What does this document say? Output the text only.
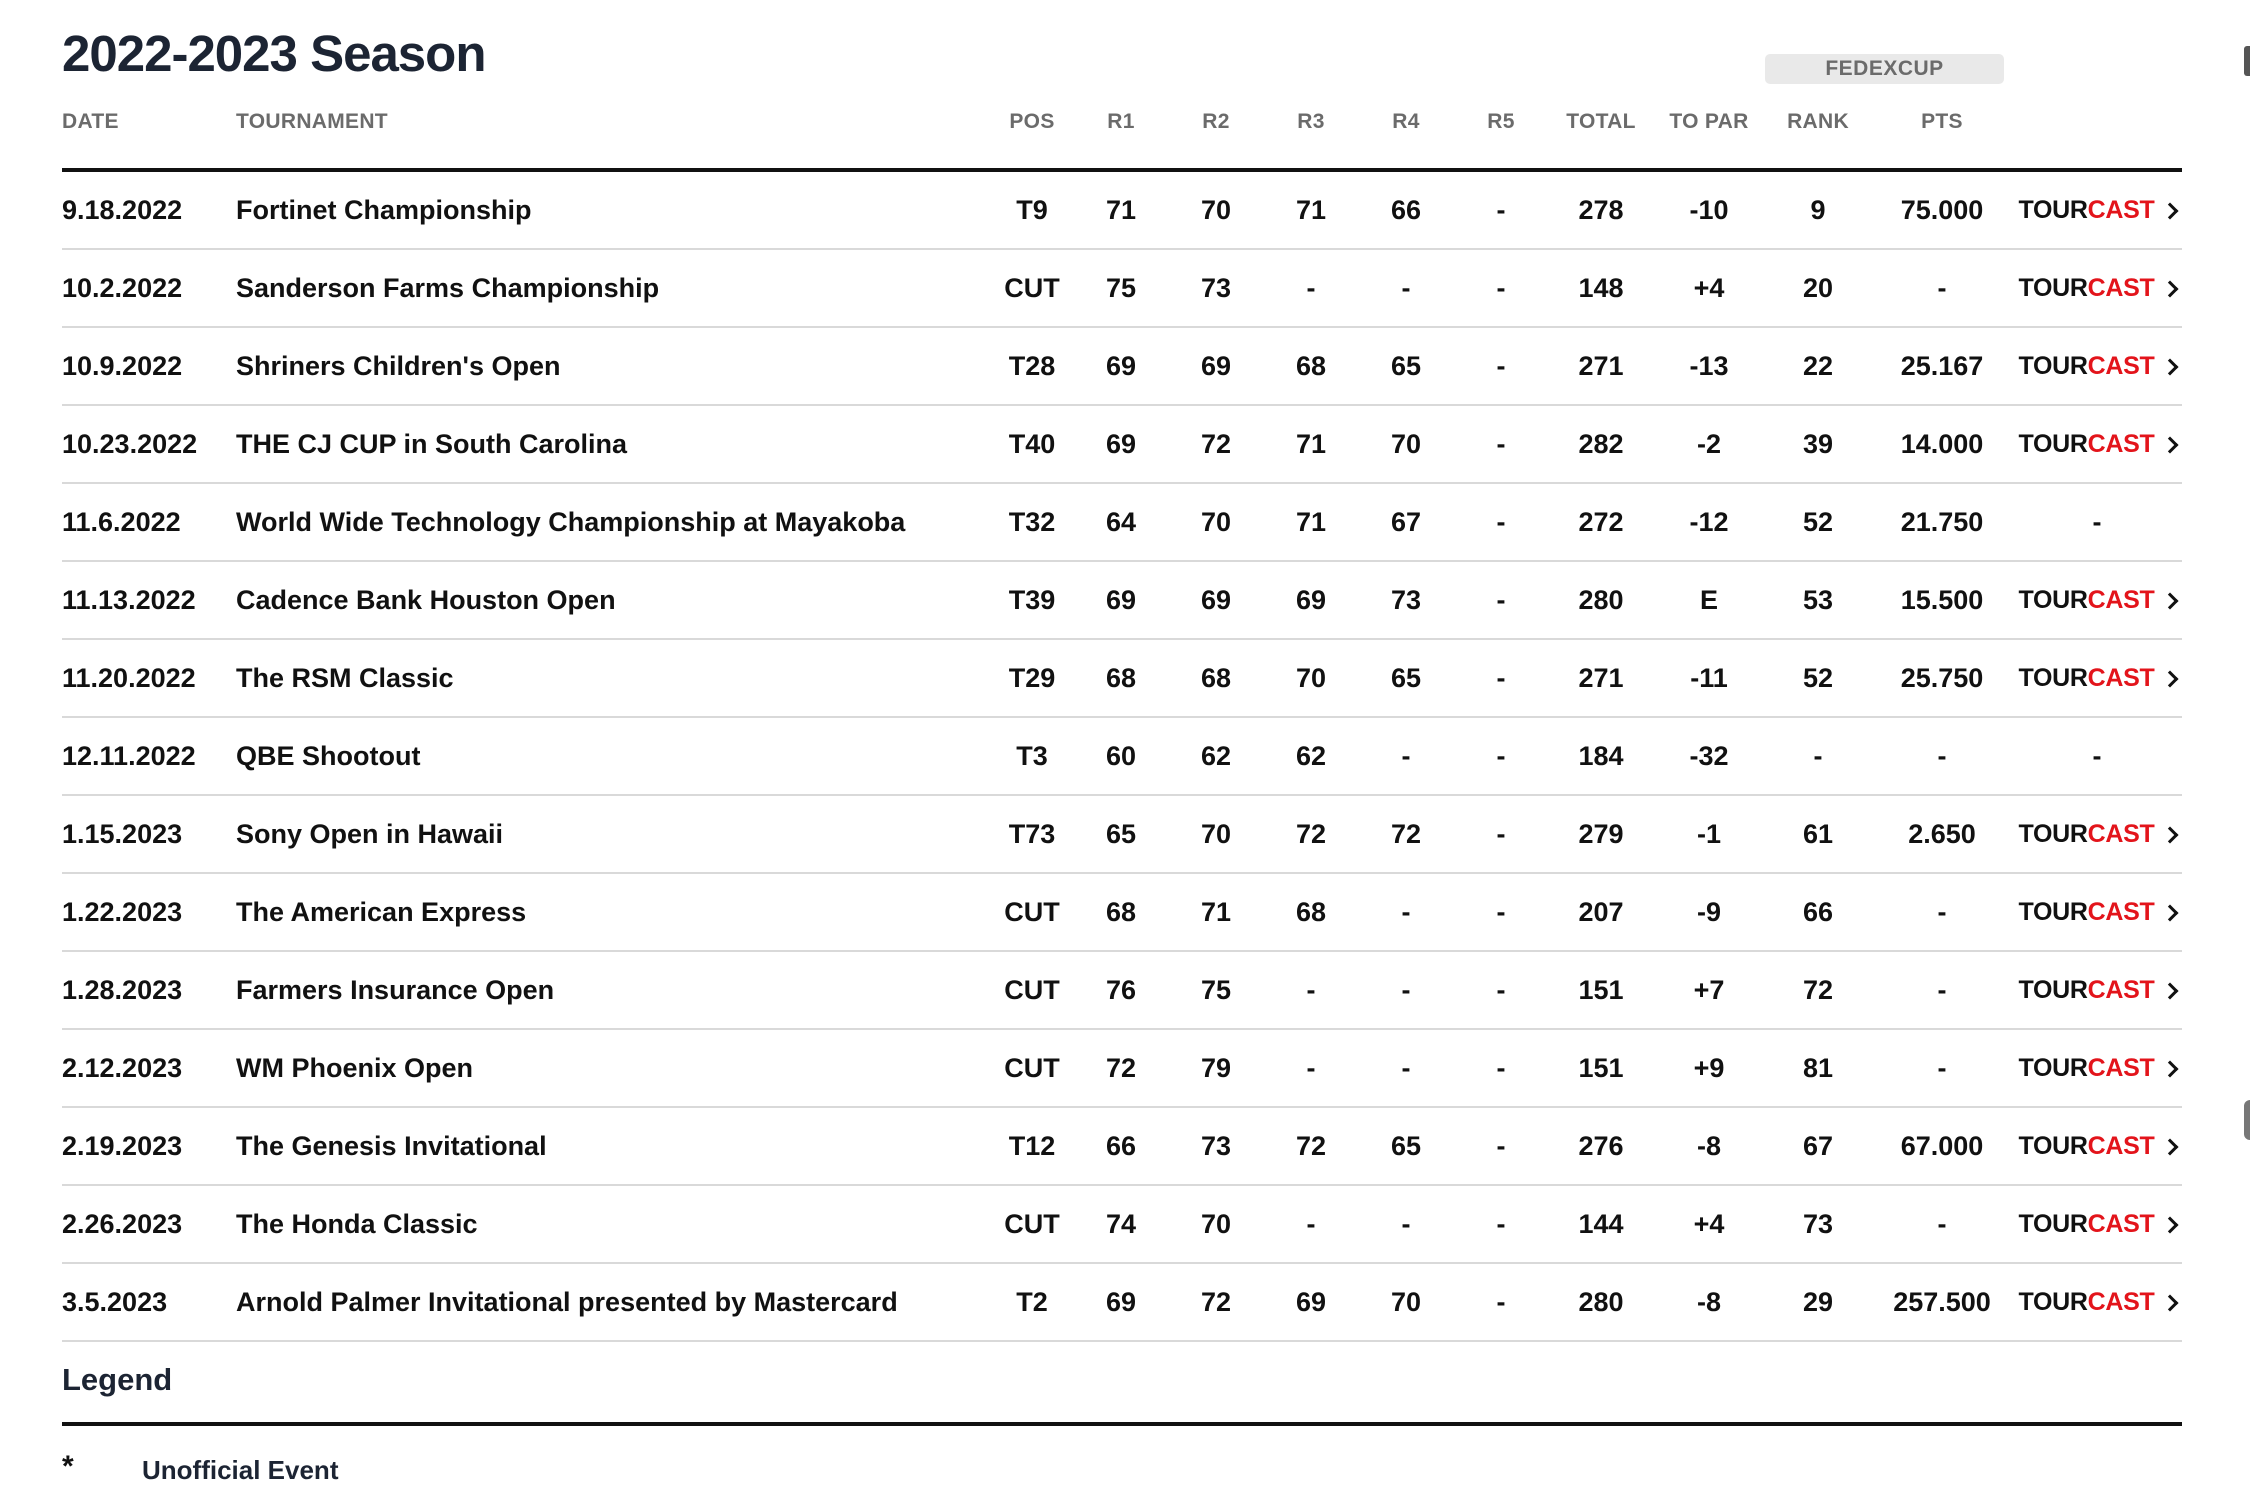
2022-2023 Season	FEDEXCUP
DATE	TOURNAMENT	POS	R1	R2	R3	R4	R5	TOTAL	TO PAR	RANK	PTS
9.18.2022 Fortinet Championship	T9	71	70	71	66	-	278	-10	9	75.000	TOUR CAST
10.2.2022 Sanderson Farms Championship	CUT	75	73	-	-	-	148	+4	20	-	TOUR CAST
10.9.2022 Shriners Children's Open	T28	69	69	68	65	-	271	-13	22	25.167	TOUR CAST
10.23.2022 THE CJ CUP in South Carolina	T40	69	72	71	70	-	282	-2	39	14.000	TOUR CAST
11.6.2022 World Wide Technology Championship at Mayakoba	T32	64	70	71	67	-	272	-12	52	21.750	-
11.13.2022 Cadence Bank Houston Open	T39	69	69	69	73	-	280	E	53	15.500	TOUR CAST
11.20.2022 The RSM Classic	T29	68	68	70	65	-	271	-11	52	25.750	TOUR CAST
12.11.2022 QBE Shootout	T3	60	62	62	-	-	184	-32	-	-	-
1.15.2023 Sony Open in Hawaii	T73	65	70	72	72	-	279	-1	61	2.650	TOUR CAST
1.22.2023 The American Express	CUT	68	71	68	-	-	207	-9	66	-	TOUR CAST
1.28.2023 Farmers Insurance Open	CUT	76	75	-	-	-	151	+7	72	-	TOUR CAST
2.12.2023 WM Phoenix Open	CUT	72	79	-	-	-	151	+9	81	-	TOUR CAST
2.19.2023 The Genesis Invitational	T12	66	73	72	65	-	276	-8	67	67.000	TOUR CAST
2.26.2023 The Honda Classic	CUT	74	70	-	-	-	144	+4	73	-	TOUR CAST
3.5.2023	Arnold Palmer Invitational presented by Mastercard	T2	69	72	69	70	-	280	-8	29	257.500	TOUR CAST
Legend
*	Unofficial Event
